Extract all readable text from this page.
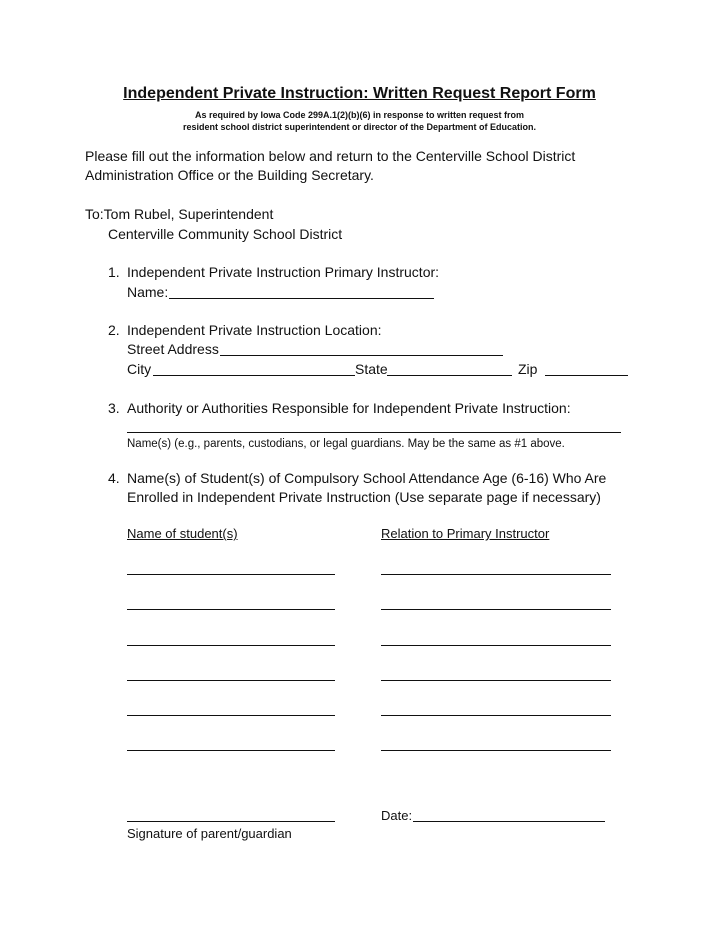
Independent Private Instruction: Written Request Report Form
As required by Iowa Code 299A.1(2)(b)(6) in response to written request from
resident school district superintendent or director of the Department of Education.
Please fill out the information below and return to the Centerville School District
Administration Office or the Building Secretary.
To:Tom Rubel, Superintendent
Centerville Community School District
1. Independent Private Instruction Primary Instructor:
Name:
2. Independent Private Instruction Location:
Street Address
City	State	Zip
3. Authority or Authorities Responsible for Independent Private Instruction:
Name(s) (e.g., parents, custodians, or legal guardians. May be the same as #1 above.
4. Name(s) of Student(s) of Compulsory School Attendance Age (6-16) Who Are
Enrolled in Independent Private Instruction (Use separate page if necessary)
Name of student(s)	Relation to Primary Instructor
Signature of parent/guardian
Date:
